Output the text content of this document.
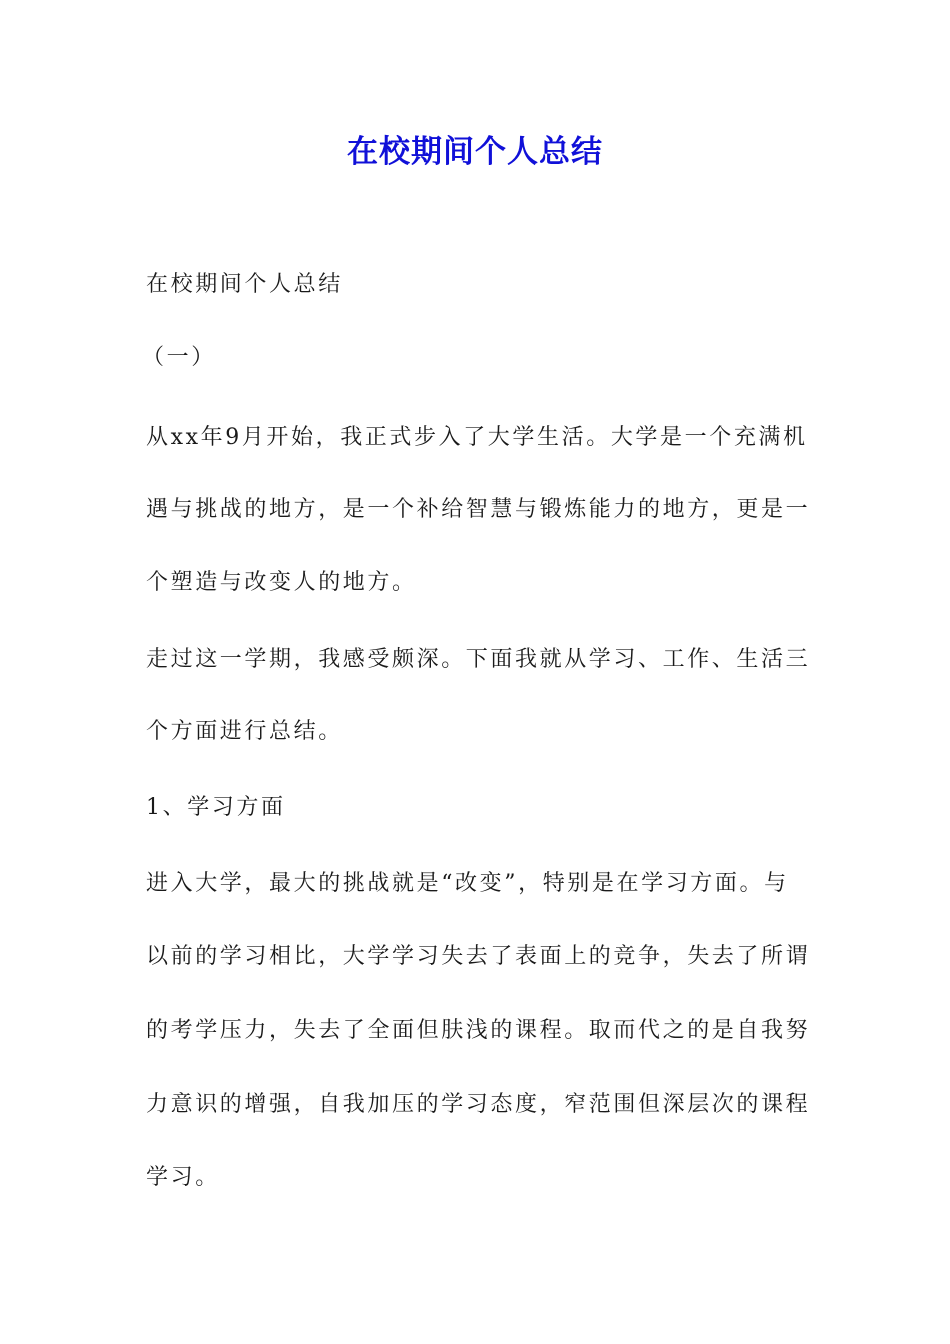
在校期间个人总结
在校期间个人总结
（一）
从xx年9月开始，我正式步入了大学生活。大学是一个充满机
遇与挑战的地方，是一个补给智慧与锻炼能力的地方，更是一
个塑造与改变人的地方。
走过这一学期，我感受颇深。下面我就从学习、工作、生活三
个方面进行总结。
1、学习方面
进入大学，最大的挑战就是“改变”，特别是在学习方面。与
以前的学习相比，大学学习失去了表面上的竞争，失去了所谓
的考学压力，失去了全面但肤浅的课程。取而代之的是自我努
力意识的增强，自我加压的学习态度，窄范围但深层次的课程
学习。
